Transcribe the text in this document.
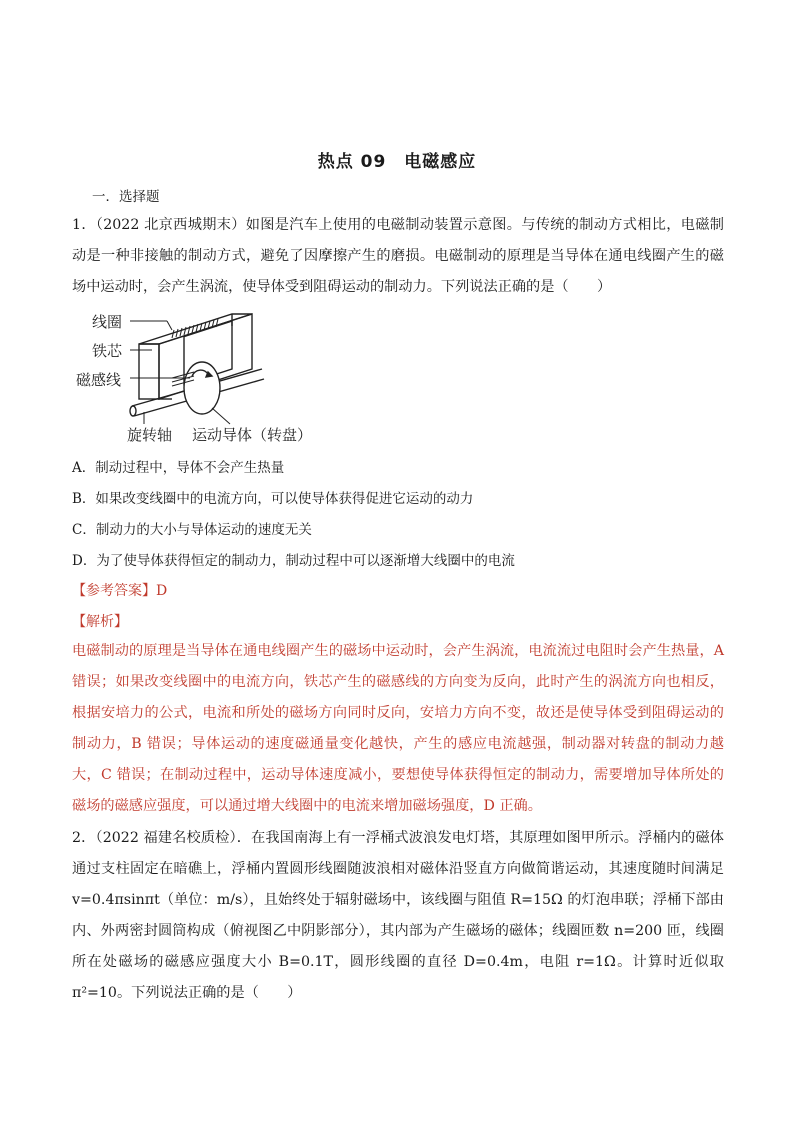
热点 09　电磁感应
一．选择题
1．（2022 北京西城期末）如图是汽车上使用的电磁制动装置示意图。与传统的制动方式相比，电磁制动是一种非接触的制动方式，避免了因摩擦产生的磨损。电磁制动的原理是当导体在通电线圈产生的磁场中运动时，会产生涡流，使导体受到阻碍运动的制动力。下列说法正确的是（　　）
线圈
铁芯
磁感线
旋转轴 运动导体（转盘）
A．制动过程中，导体不会产生热量
B．如果改变线圈中的电流方向，可以使导体获得促进它运动的动力
C．制动力的大小与导体运动的速度无关
D．为了使导体获得恒定的制动力，制动过程中可以逐渐增大线圈中的电流
【参考答案】D
【解析】
电磁制动的原理是当导体在通电线圈产生的磁场中运动时，会产生涡流，电流流过电阻时会产生热量，A 错误；如果改变线圈中的电流方向，铁芯产生的磁感线的方向变为反向，此时产生的涡流方向也相反，根据安培力的公式，电流和所处的磁场方向同时反向，安培力方向不变，故还是使导体受到阻碍运动的制动力，B 错误；导体运动的速度磁通量变化越快，产生的感应电流越强，制动器对转盘的制动力越大，C 错误；在制动过程中，运动导体速度减小，要想使导体获得恒定的制动力，需要增加导体所处的磁场的磁感应强度，可以通过增大线圈中的电流来增加磁场强度，D 正确。
2．（2022 福建名校质检）．在我国南海上有一浮桶式波浪发电灯塔，其原理如图甲所示。浮桶内的磁体通过支柱固定在暗礁上，浮桶内置圆形线圈随波浪相对磁体沿竖直方向做简谐运动，其速度随时间满足 v=0.4πsinπt（单位：m/s），且始终处于辐射磁场中，该线圈与阻值 R=15Ω 的灯泡串联；浮桶下部由内、外两密封圆筒构成（俯视图乙中阴影部分），其内部为产生磁场的磁体；线圈匝数 n=200 匝，线圈所在处磁场的磁感应强度大小 B=0.1T，圆形线圈的直径 D=0.4m，电阻 r=1Ω。计算时近似取 π²=10。下列说法正确的是（　　）
